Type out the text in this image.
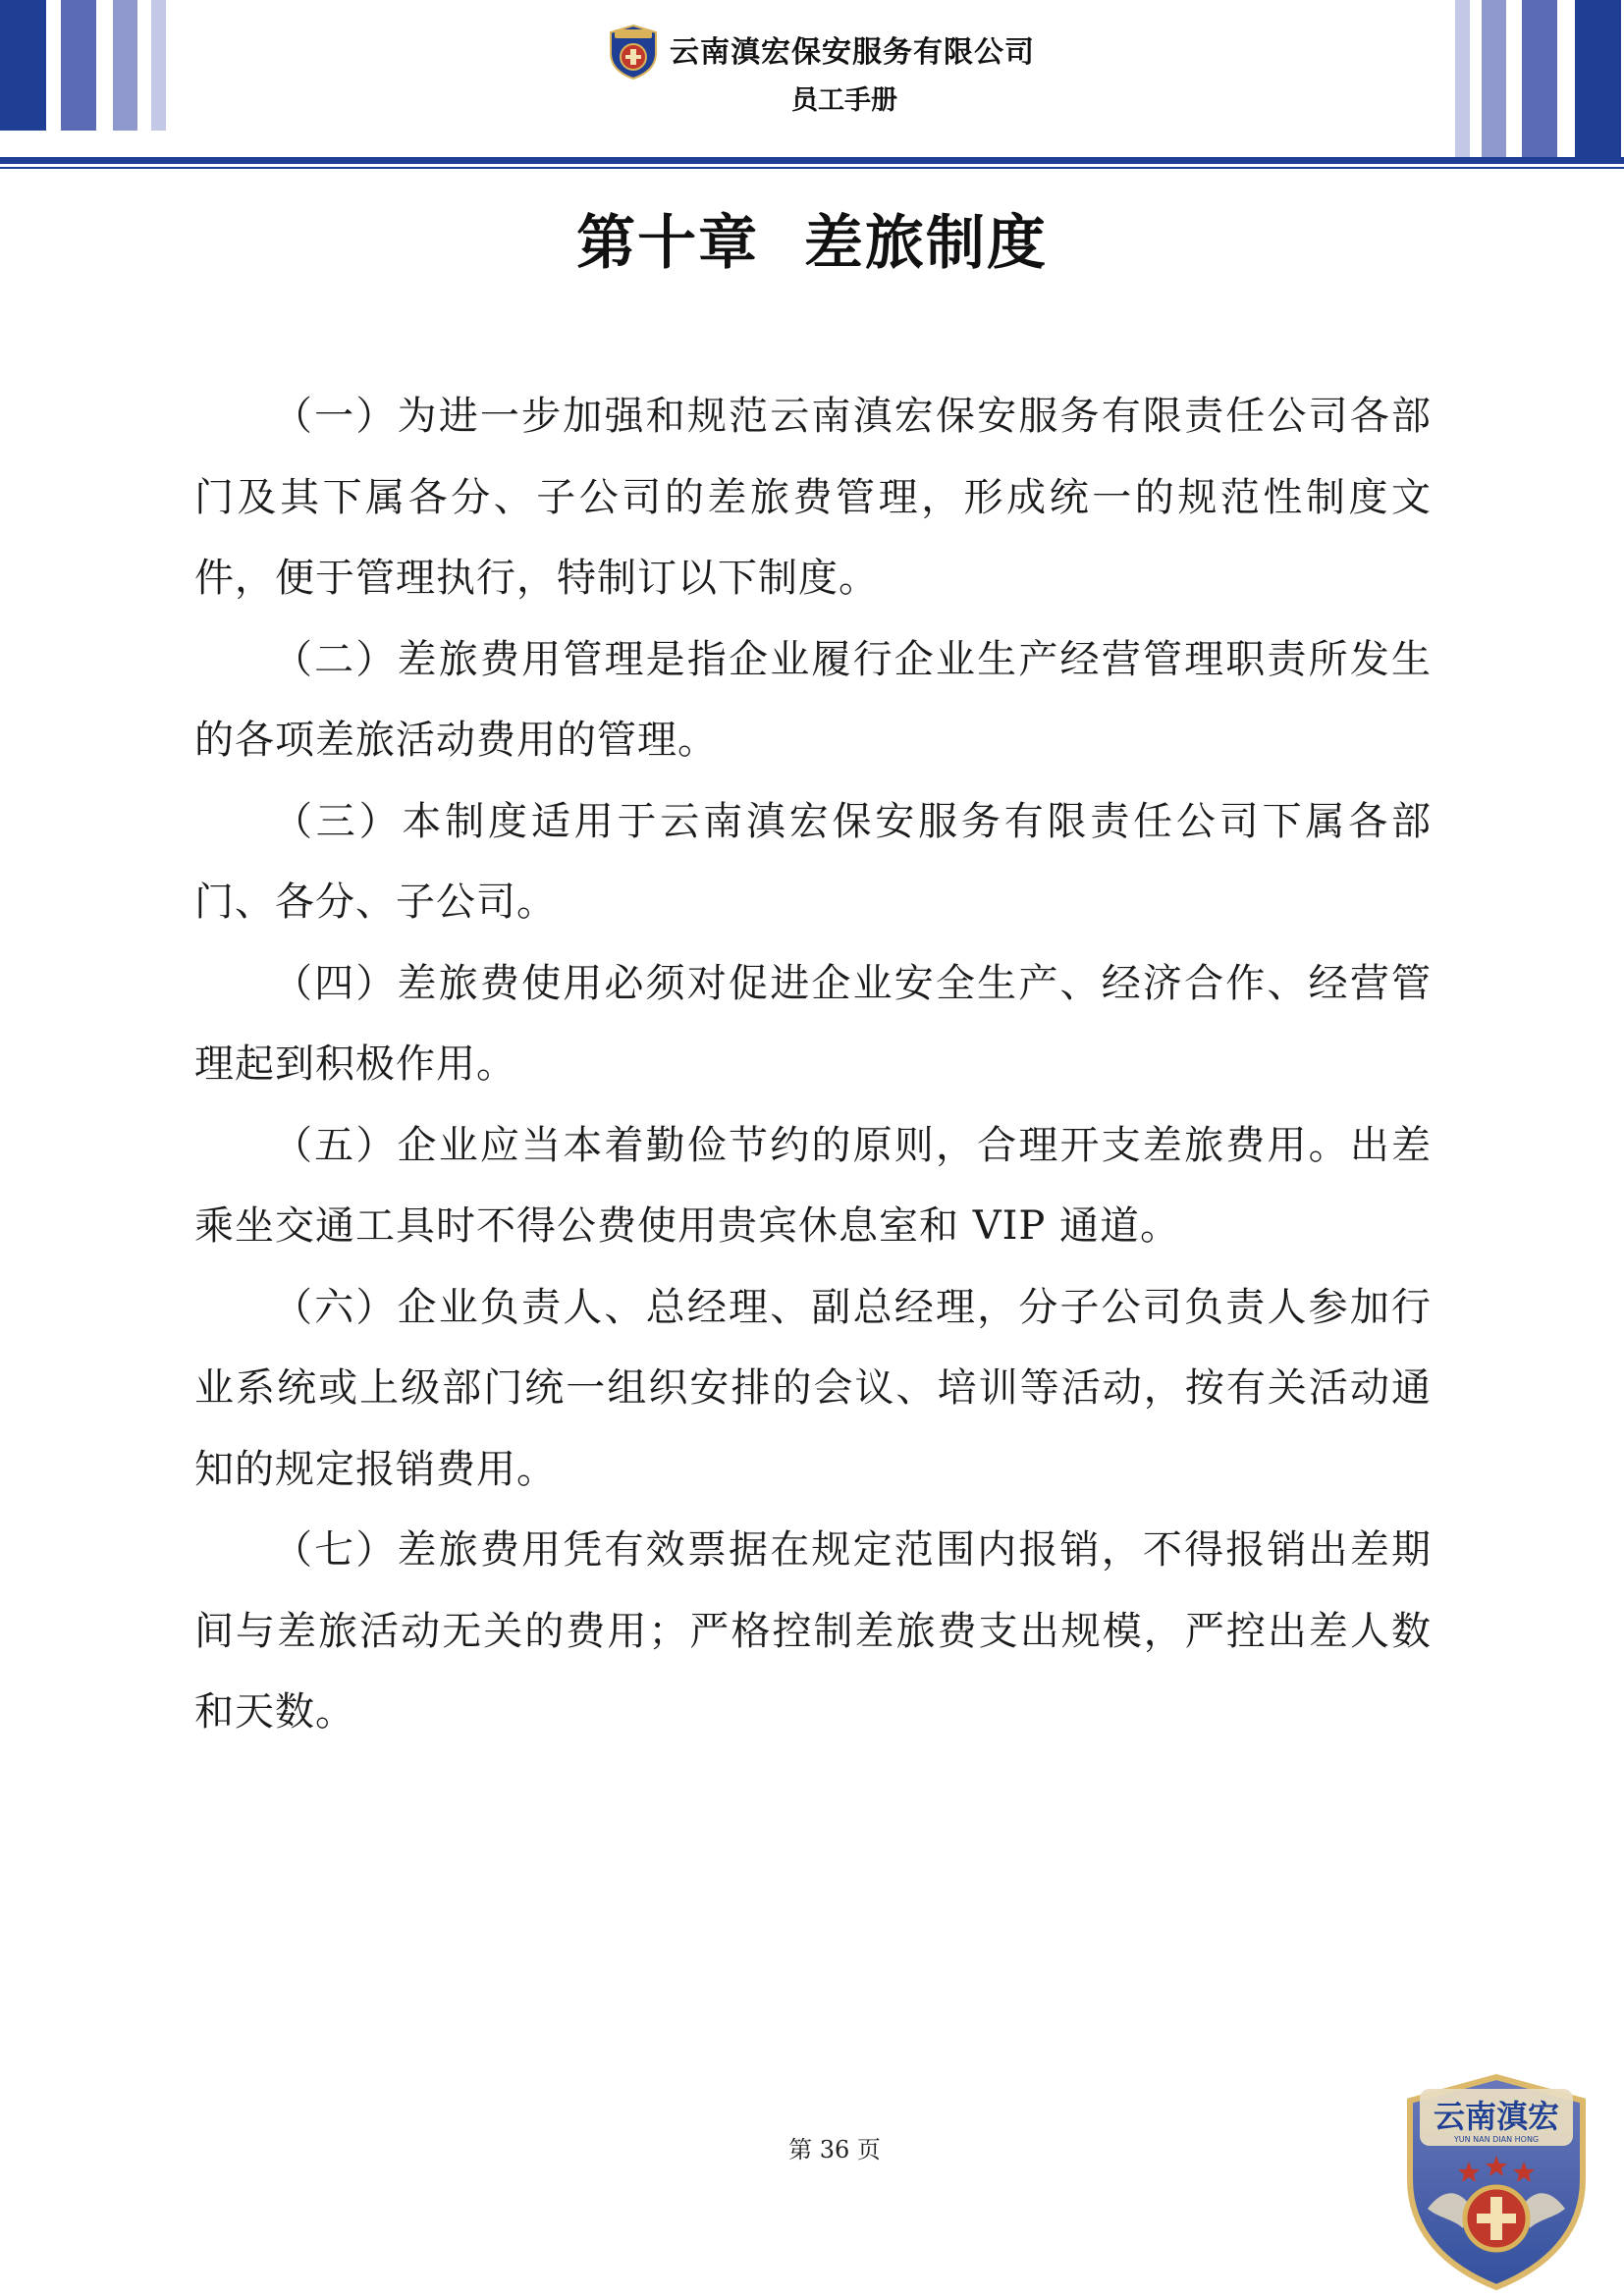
云南滇宏保安服务有限公司
员工手册
第十章  差旅制度

（一）为进一步加强和规范云南滇宏保安服务有限责任公司各部门及其下属各分、子公司的差旅费管理，形成统一的规范性制度文件，便于管理执行，特制订以下制度。

（二）差旅费用管理是指企业履行企业生产经营管理职责所发生的各项差旅活动费用的管理。

（三）本制度适用于云南滇宏保安服务有限责任公司下属各部门、各分、子公司。

（四）差旅费使用必须对促进企业安全生产、经济合作、经营管理起到积极作用。

（五）企业应当本着勤俭节约的原则，合理开支差旅费用。出差乘坐交通工具时不得公费使用贵宾休息室和 VIP 通道。

（六）企业负责人、总经理、副总经理，分子公司负责人参加行业系统或上级部门统一组织安排的会议、培训等活动，按有关活动通知的规定报销费用。

（七）差旅费用凭有效票据在规定范围内报销，不得报销出差期间与差旅活动无关的费用；严格控制差旅费支出规模，严控出差人数和天数。

第 36 页
云南滇宏
YUN NAN DIAN HONG
